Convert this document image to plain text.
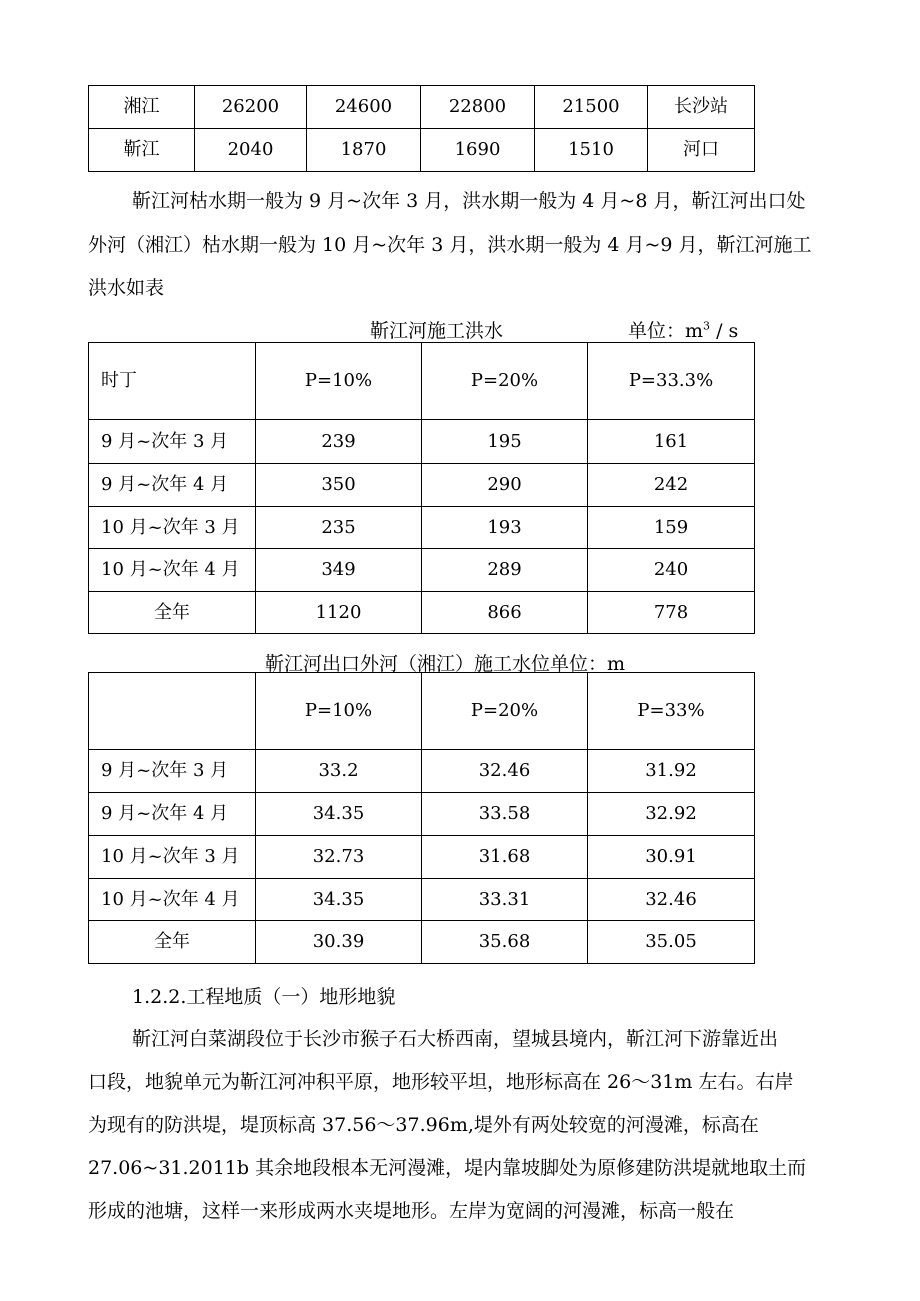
湘江	26200	24600	22800	21500	长沙站
靳江	2040	1870	1690	1510	河口

靳江河枯水期一般为 9 月~次年 3 月，洪水期一般为 4 月~8 月，靳江河出口处

外河（湘江）枯水期一般为 10 月~次年 3 月，洪水期一般为 4 月~9 月，靳江河施工

洪水如表

靳江河施工洪水	单位：$m^3$ / s

时丁	P=10%	P=20%	P=33.3%
9 月~次年 3 月	239	195	161
9 月~次年 4 月	350	290	242
10 月~次年 3 月	235	193	159
10 月~次年 4 月	349	289	240
全年	1120	866	778

靳江河出口外河（湘江）施工水位单位：m

	P=10%	P=20%	P=33%
9 月~次年 3 月	33.2	32.46	31.92
9 月~次年 4 月	34.35	33.58	32.92
10 月~次年 3 月	32.73	31.68	30.91
10 月~次年 4 月	34.35	33.31	32.46
全年	30.39	35.68	35.05

1.2.2.工程地质（一）地形地貌

靳江河白菜湖段位于长沙市猴子石大桥西南，望城县境内，靳江河下游靠近出

口段，地貌单元为靳江河冲积平原，地形较平坦，地形标高在 26～31m 左右。右岸

为现有的防洪堤，堤顶标高 37.56～37.96m,堤外有两处较宽的河漫滩，标高在

27.06~31.2011b 其余地段根本无河漫滩，堤内靠坡脚处为原修建防洪堤就地取土而

形成的池塘，这样一来形成两水夹堤地形。左岸为宽阔的河漫滩，标高一般在
